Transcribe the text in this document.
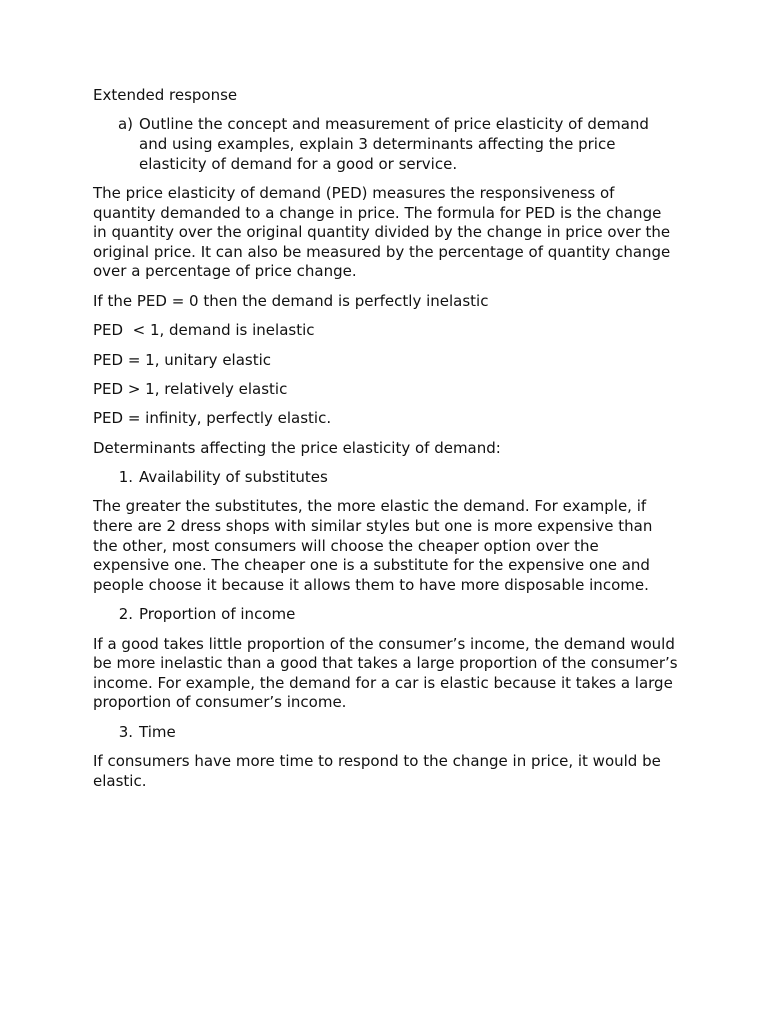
Extended response

a) Outline the concept and measurement of price elasticity of demand and using examples, explain 3 determinants affecting the price elasticity of demand for a good or service.

The price elasticity of demand (PED) measures the responsiveness of quantity demanded to a change in price. The formula for PED is the change in quantity over the original quantity divided by the change in price over the original price. It can also be measured by the percentage of quantity change over a percentage of price change.

If the PED = 0 then the demand is perfectly inelastic

PED  < 1, demand is inelastic

PED = 1, unitary elastic

PED > 1, relatively elastic

PED = infinity, perfectly elastic.

Determinants affecting the price elasticity of demand:

1. Availability of substitutes

The greater the substitutes, the more elastic the demand. For example, if there are 2 dress shops with similar styles but one is more expensive than the other, most consumers will choose the cheaper option over the expensive one. The cheaper one is a substitute for the expensive one and people choose it because it allows them to have more disposable income.

2. Proportion of income

If a good takes little proportion of the consumer’s income, the demand would be more inelastic than a good that takes a large proportion of the consumer’s income. For example, the demand for a car is elastic because it takes a large proportion of consumer’s income.

3. Time

If consumers have more time to respond to the change in price, it would be elastic.
